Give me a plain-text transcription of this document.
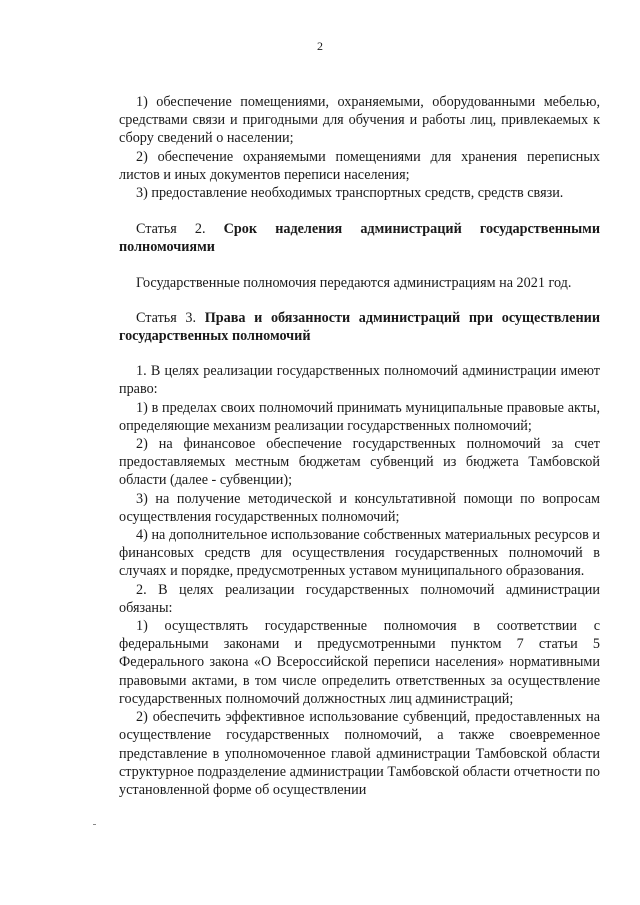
2

1) обеспечение помещениями, охраняемыми, оборудованными мебелью, средствами связи и пригодными для обучения и работы лиц, привлекаемых к сбору сведений о населении;

2) обеспечение охраняемыми помещениями для хранения переписных листов и иных документов переписи населения;

3) предоставление необходимых транспортных средств, средств связи.

Статья 2. Срок наделения администраций государственными полномочиями

Государственные полномочия передаются администрациям на 2021 год.

Статья 3. Права и обязанности администраций при осуществлении государственных полномочий

1. В целях реализации государственных полномочий администрации имеют право:

1) в пределах своих полномочий принимать муниципальные правовые акты, определяющие механизм реализации государственных полномочий;

2) на финансовое обеспечение государственных полномочий за счет предоставляемых местным бюджетам субвенций из бюджета Тамбовской области (далее - субвенции);

3) на получение методической и консультативной помощи по вопросам осуществления государственных полномочий;

4) на дополнительное использование собственных материальных ресурсов и финансовых средств для осуществления государственных полномочий в случаях и порядке, предусмотренных уставом муниципального образования.

2. В целях реализации государственных полномочий администрации обязаны:

1) осуществлять государственные полномочия в соответствии с федеральными законами и предусмотренными пунктом 7 статьи 5 Федерального закона «О Всероссийской переписи населения» нормативными правовыми актами, в том числе определить ответственных за осуществление государственных полномочий должностных лиц администраций;

2) обеспечить эффективное использование субвенций, предоставленных на осуществление государственных полномочий, а также своевременное представление в уполномоченное главой администрации Тамбовской области структурное подразделение администрации Тамбовской области отчетности по установленной форме об осуществлении
